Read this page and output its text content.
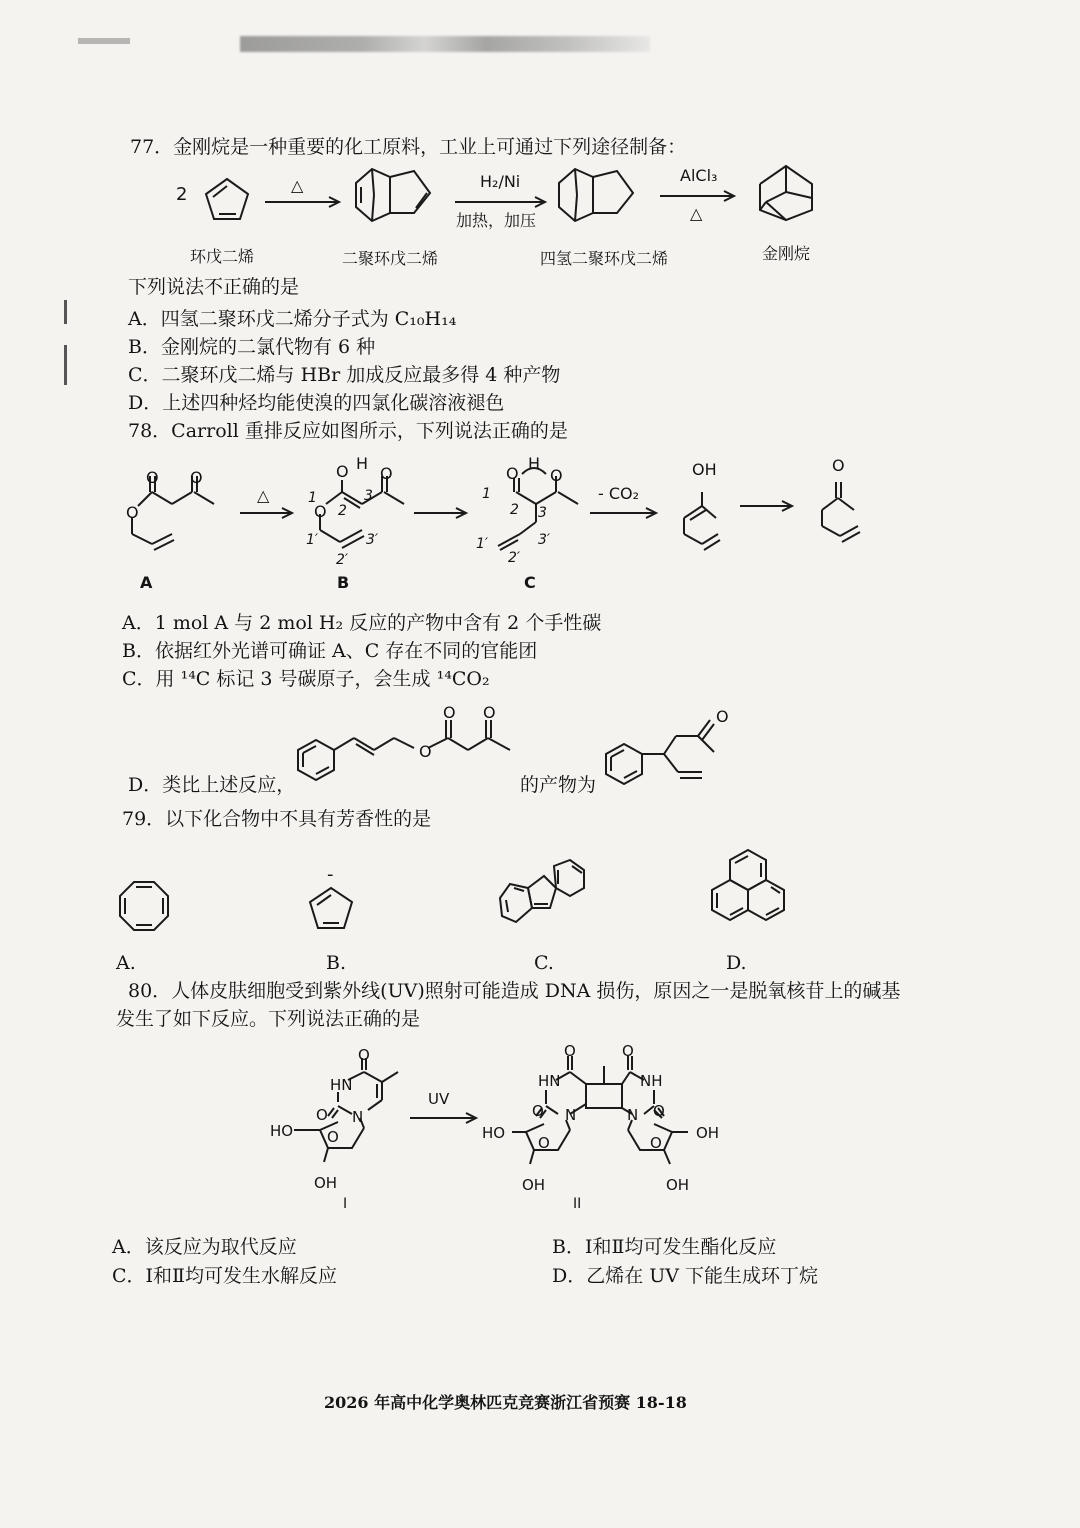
77．金刚烷是一种重要的化工原料，工业上可通过下列途径制备：
2	△	H₂/Ni
加热，加压
AlCl₃
△
环戊二烯	二聚环戊二烯	四氢二聚环戊二烯	金刚烷
下列说法不正确的是
A．四氢二聚环戊二烯分子式为 C₁₀H₁₄
B．金刚烷的二氯代物有 6 种
C．二聚环戊二烯与 HBr 加成反应最多得 4 种产物
D．上述四种烃均能使溴的四氯化碳溶液褪色
78．Carroll 重排反应如图所示，下列说法正确的是
O O
O
△
O H
O
O
1
2
3
1′
2′
3′
O
H
O
1
2 3
1′
2′
3′
- CO₂
OH	O
A	B	C
A．1 mol A 与 2 mol H₂ 反应的产物中含有 2 个手性碳
B．依据红外光谱可确证 A、C 存在不同的官能团
C．用 ¹⁴C 标记 3 号碳原子，会生成 ¹⁴CO₂
O
O O	O
D．类比上述反应，	的产物为
79．以下化合物中不具有芳香性的是
-
A.	B.	C.	D.
80．人体皮肤细胞受到紫外线(UV)照射可能造成 DNA 损伤，原因之一是脱氧核苷上的碱基
发生了如下反应。下列说法正确的是
O
HN
O N
O
HO
OH
UV
O	O
HN	NH
O	O
N	N
O	O
HO	OH
OH	OH
I	II
A．该反应为取代反应	B．Ⅰ和Ⅱ均可发生酯化反应
C．Ⅰ和Ⅱ均可发生水解反应	D．乙烯在 UV 下能生成环丁烷
2026 年高中化学奥林匹克竞赛浙江省预赛 18-18
